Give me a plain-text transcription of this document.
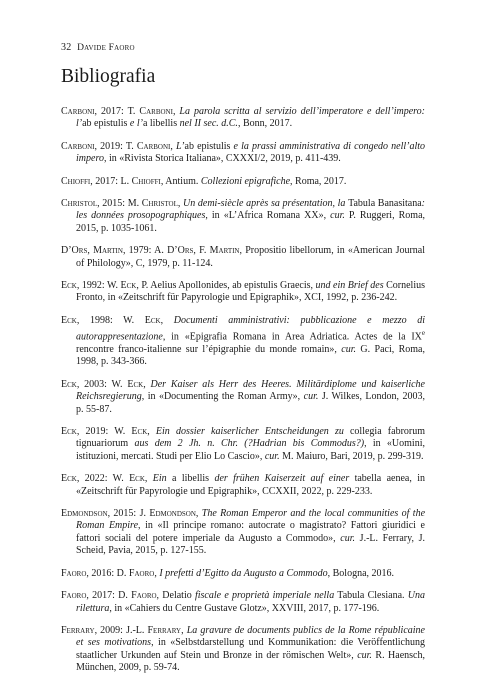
32 Davide Faoro
Bibliografia

Carboni, 2017: T. Carboni, La parola scritta al servizio dell’imperatore e dell’impero: l’ab epistulis e l’a libellis nel II sec. d.C., Bonn, 2017.

Carboni, 2019: T. Carboni, L’ab epistulis e la prassi amministrativa di congedo nell’alto impero, in «Rivista Storica Italiana», CXXXI/2, 2019, p. 411-439.

Chioffi, 2017: L. Chioffi, Antium. Collezioni epigrafiche, Roma, 2017.

Christol, 2015: M. Christol, Un demi-siècle après sa présentation, la Tabula Banasitana: les données prosopographiques, in «L’Africa Romana XX», cur. P. Ruggeri, Roma, 2015, p. 1035-1061.

D’Ors, Martin, 1979: A. D’Ors, F. Martin, Propositio libellorum, in «American Journal of Philology», C, 1979, p. 11-124.

Eck, 1992: W. Eck, P. Aelius Apollonides, ab epistulis Graecis, und ein Brief des Cornelius Fronto, in «Zeitschrift für Papyrologie und Epigraphik», XCI, 1992, p. 236-242.

Eck, 1998: W. Eck, Documenti amministrativi: pubblicazione e mezzo di autorappresentazione, in «Epigrafia Romana in Area Adriatica. Actes de la IXe rencontre franco-italienne sur l’épigraphie du monde romain», cur. G. Paci, Roma, 1998, p. 343-366.

Eck, 2003: W. Eck, Der Kaiser als Herr des Heeres. Militärdiplome und kaiserliche Reichsregierung, in «Documenting the Roman Army», cur. J. Wilkes, London, 2003, p. 55-87.

Eck, 2019: W. Eck, Ein dossier kaiserlicher Entscheidungen zu collegia fabrorum tignuariorum aus dem 2 Jh. n. Chr. (?Hadrian bis Commodus?), in «Uomini, istituzioni, mercati. Studi per Elio Lo Cascio», cur. M. Maiuro, Bari, 2019, p. 299-319.

Eck, 2022: W. Eck, Ein a libellis der frühen Kaiserzeit auf einer tabella aenea, in «Zeitschrift für Papyrologie und Epigraphik», CCXXII, 2022, p. 229-233.

Edmondson, 2015: J. Edmondson, The Roman Emperor and the local communities of the Roman Empire, in «Il principe romano: autocrate o magistrato? Fattori giuridici e fattori sociali del potere imperiale da Augusto a Commodo», cur. J.-L. Ferrary, J. Scheid, Pavia, 2015, p. 127-155.

Faoro, 2016: D. Faoro, I prefetti d’Egitto da Augusto a Commodo, Bologna, 2016.

Faoro, 2017: D. Faoro, Delatio fiscale e proprietà imperiale nella Tabula Clesiana. Una rilettura, in «Cahiers du Centre Gustave Glotz», XXVIII, 2017, p. 177-196.

Ferrary, 2009: J.-L. Ferrary, La gravure de documents publics de la Rome républicaine et ses motivations, in «Selbstdarstellung und Kommunikation: die Veröffentlichung staatlicher Urkunden auf Stein und Bronze in der römischen Welt», cur. R. Haensch, München, 2009, p. 59-74.
